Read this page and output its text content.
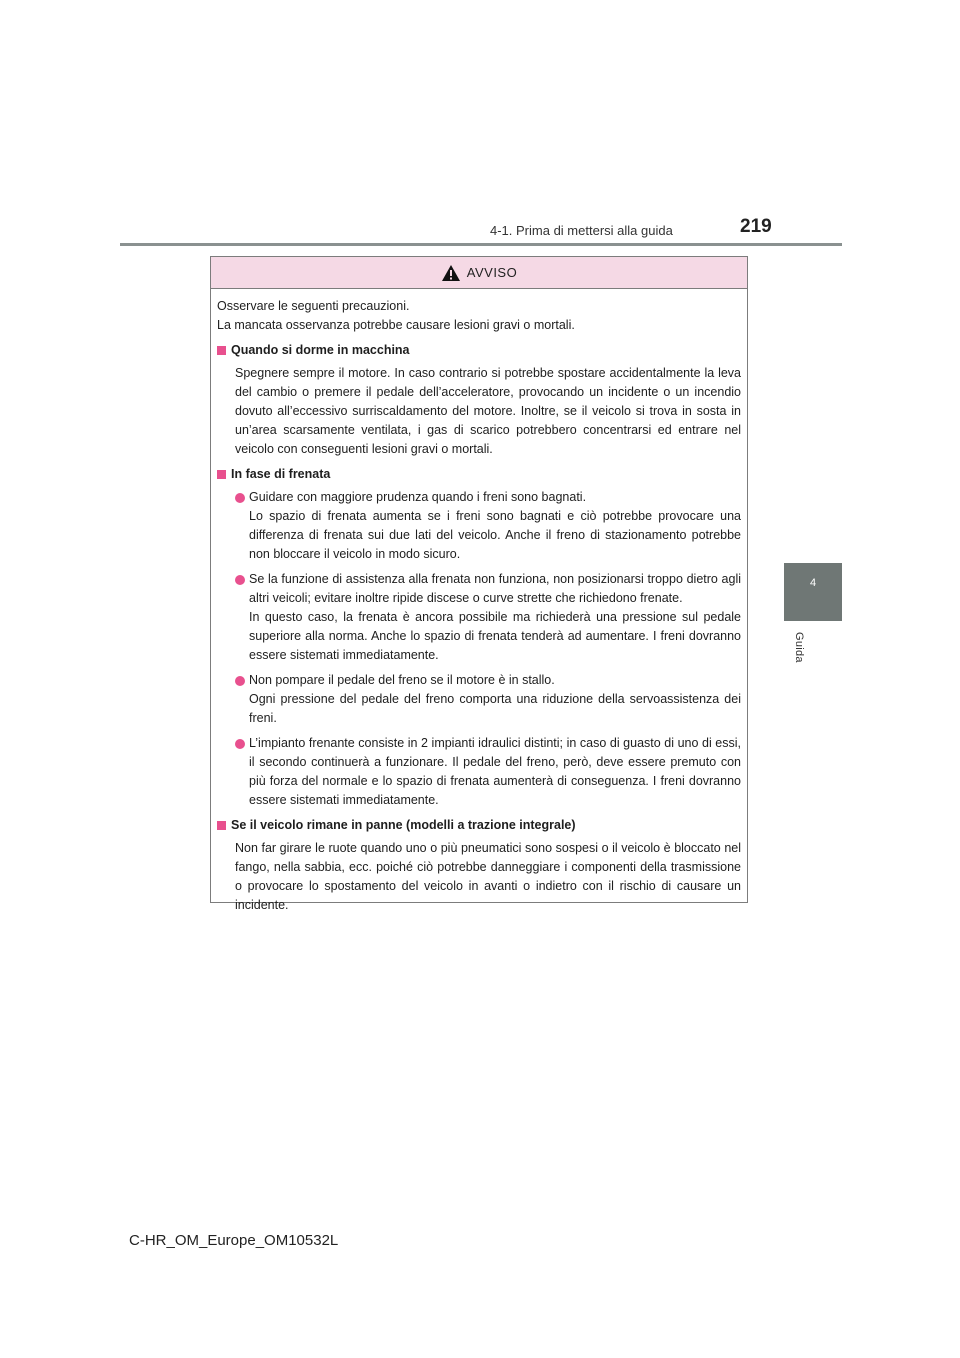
4-1. Prima di mettersi alla guida	219
4
Guida
AVVISO

Osservare le seguenti precauzioni.
La mancata osservanza potrebbe causare lesioni gravi o mortali.

Quando si dorme in macchina

Spegnere sempre il motore. In caso contrario si potrebbe spostare accidentalmente la leva del cambio o premere il pedale dell’acceleratore, provocando un incidente o un incendio dovuto all’eccessivo surriscaldamento del motore. Inoltre, se il veicolo si trova in sosta in un’area scarsamente ventilata, i gas di scarico potrebbero concentrarsi ed entrare nel veicolo con conseguenti lesioni gravi o mortali.

In fase di frenata
Guidare con maggiore prudenza quando i freni sono bagnati.
Lo spazio di frenata aumenta se i freni sono bagnati e ciò potrebbe provocare una differenza di frenata sui due lati del veicolo. Anche il freno di stazionamento potrebbe non bloccare il veicolo in modo sicuro.
Se la funzione di assistenza alla frenata non funziona, non posizionarsi troppo dietro agli altri veicoli; evitare inoltre ripide discese o curve strette che richiedono frenate.
In questo caso, la frenata è ancora possibile ma richiederà una pressione sul pedale superiore alla norma. Anche lo spazio di frenata tenderà ad aumentare. I freni dovranno essere sistemati immediatamente.
Non pompare il pedale del freno se il motore è in stallo.
Ogni pressione del pedale del freno comporta una riduzione della servoassistenza dei freni.
L’impianto frenante consiste in 2 impianti idraulici distinti; in caso di guasto di uno di essi, il secondo continuerà a funzionare. Il pedale del freno, però, deve essere premuto con più forza del normale e lo spazio di frenata aumenterà di conseguenza. I freni dovranno essere sistemati immediatamente.
Se il veicolo rimane in panne (modelli a trazione integrale)

Non far girare le ruote quando uno o più pneumatici sono sospesi o il veicolo è bloccato nel fango, nella sabbia, ecc. poiché ciò potrebbe danneggiare i componenti della trasmissione o provocare lo spostamento del veicolo in avanti o indietro con il rischio di causare un incidente.

C-HR_OM_Europe_OM10532L
